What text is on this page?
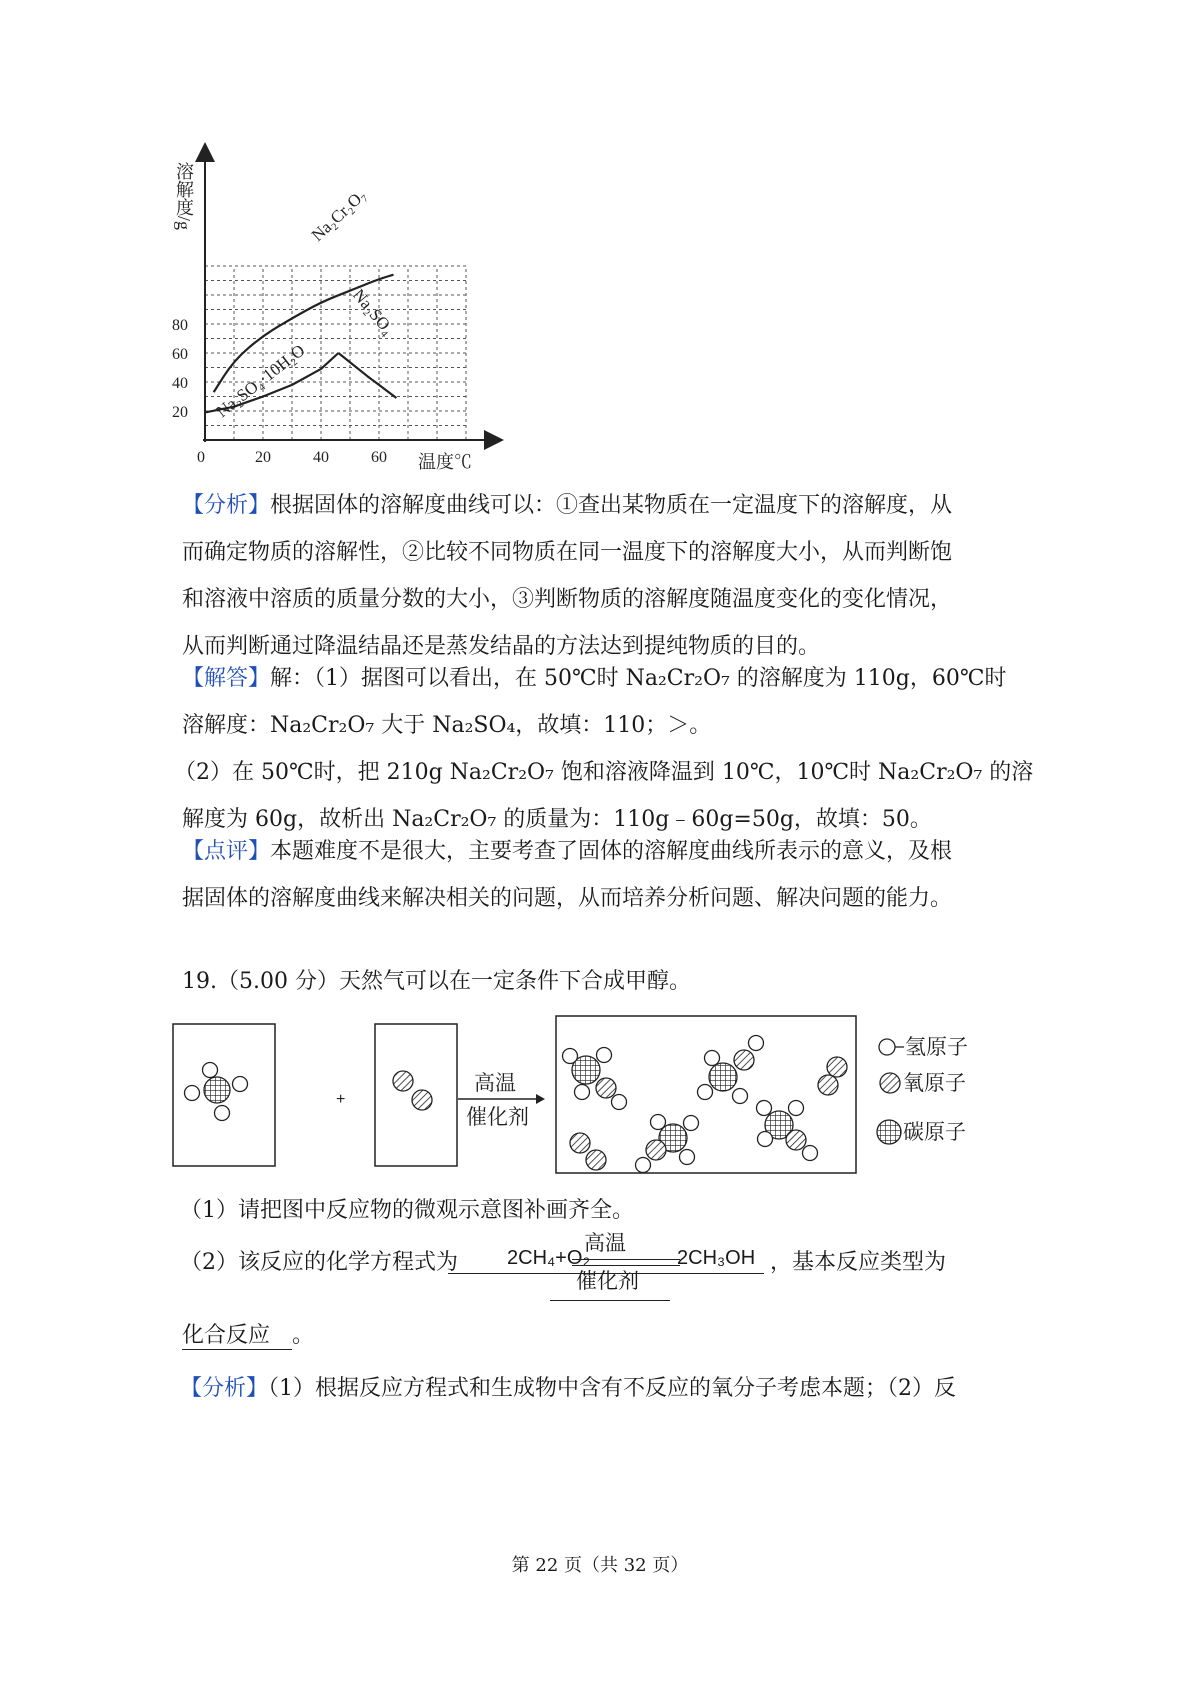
0	20	40	60
20
40
60
80
溶解度/g
温度℃
Na₂Cr₂O₇
Na₂SO₄·10H₂O
Na₂SO₄
【分析】根据固体的溶解度曲线可以：①查出某物质在一定温度下的溶解度，从
而确定物质的溶解性，②比较不同物质在同一温度下的溶解度大小，从而判断饱
和溶液中溶质的质量分数的大小，③判断物质的溶解度随温度变化的变化情况，
从而判断通过降温结晶还是蒸发结晶的方法达到提纯物质的目的。
【解答】解：（1）据图可以看出，在 50℃时 Na₂Cr₂O₇ 的溶解度为 110g，60℃时
溶解度：Na₂Cr₂O₇ 大于 Na₂SO₄，故填：110；＞。
（2）在 50℃时，把 210g Na₂Cr₂O₇ 饱和溶液降温到 10℃，10℃时 Na₂Cr₂O₇ 的溶
解度为 60g，故析出 Na₂Cr₂O₇ 的质量为：110g﹣60g=50g，故填：50。
【点评】本题难度不是很大，主要考查了固体的溶解度曲线所表示的意义，及根
据固体的溶解度曲线来解决相关的问题，从而培养分析问题、解决问题的能力。
19.（5.00 分）天然气可以在一定条件下合成甲醇。
+
高温
催化剂
氢原子
氧原子
碳原子
（1）请把图中反应物的微观示意图补画齐全。
（2）该反应的化学方程式为 2CH₄+O₂
高温
催化剂
2CH₃OH ，基本反应类型为
化合反应 。
【分析】（1）根据反应方程式和生成物中含有不反应的氧分子考虑本题；（2）反
第 22 页（共 32 页）
